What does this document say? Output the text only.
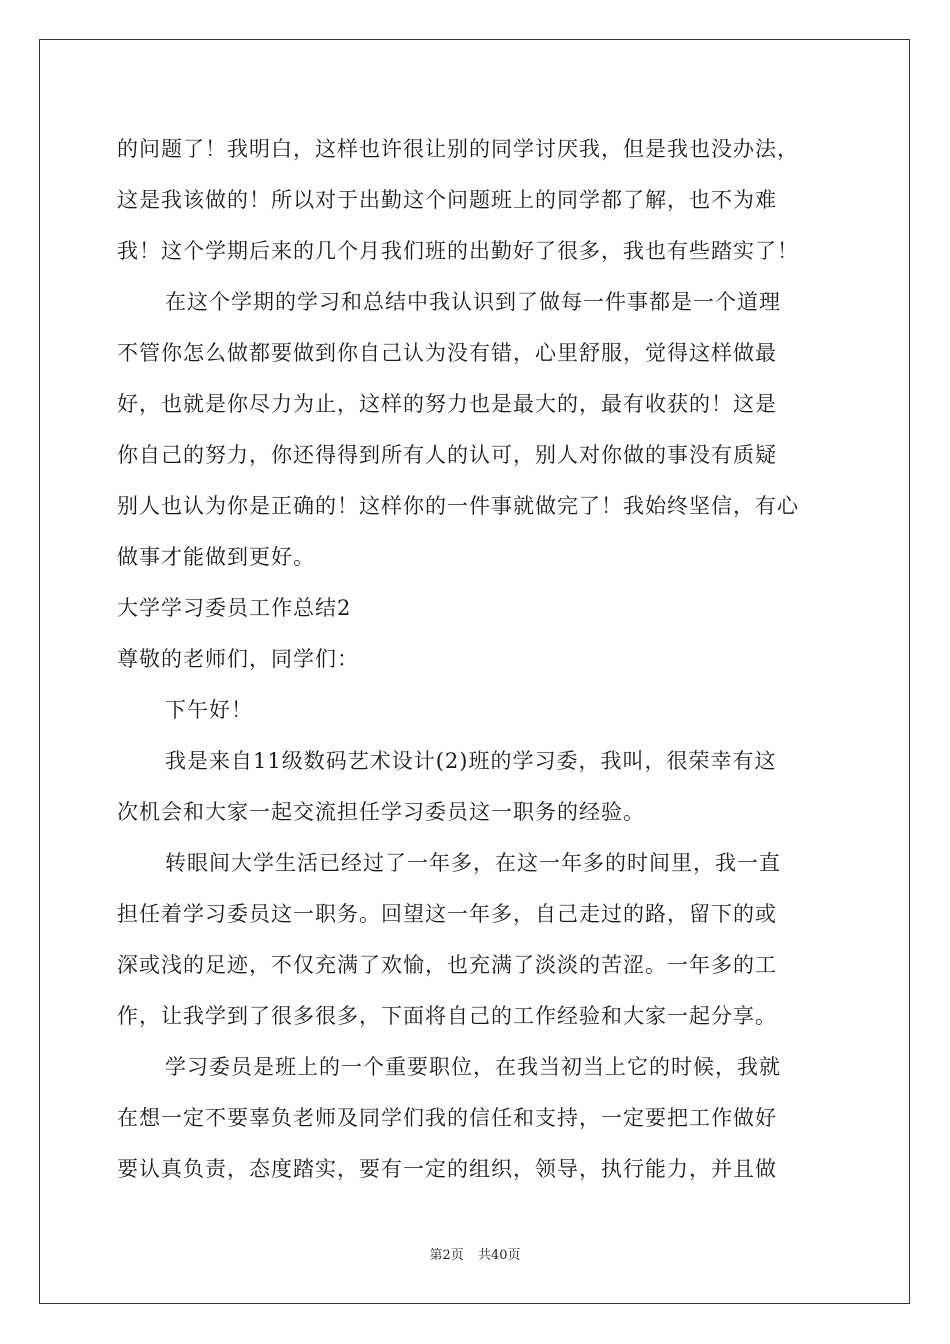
的问题了！我明白，这样也许很让别的同学讨厌我，但是我也没办法，
这是我该做的！所以对于出勤这个问题班上的同学都了解，也不为难
我！这个学期后来的几个月我们班的出勤好了很多，我也有些踏实了！
在这个学期的学习和总结中我认识到了做每一件事都是一个道理
不管你怎么做都要做到你自己认为没有错，心里舒服，觉得这样做最
好，也就是你尽力为止，这样的努力也是最大的，最有收获的！这是
你自己的努力，你还得得到所有人的认可，别人对你做的事没有质疑
别人也认为你是正确的！这样你的一件事就做完了！我始终坚信，有心
做事才能做到更好。
大学学习委员工作总结2
尊敬的老师们，同学们：
下午好！
我是来自11级数码艺术设计(2)班的学习委，我叫，很荣幸有这
次机会和大家一起交流担任学习委员这一职务的经验。
转眼间大学生活已经过了一年多，在这一年多的时间里，我一直
担任着学习委员这一职务。回望这一年多，自己走过的路，留下的或
深或浅的足迹，不仅充满了欢愉，也充满了淡淡的苦涩。一年多的工
作，让我学到了很多很多，下面将自己的工作经验和大家一起分享。
学习委员是班上的一个重要职位，在我当初当上它的时候，我就
在想一定不要辜负老师及同学们我的信任和支持，一定要把工作做好
要认真负责，态度踏实，要有一定的组织，领导，执行能力，并且做
第2页 共40页
